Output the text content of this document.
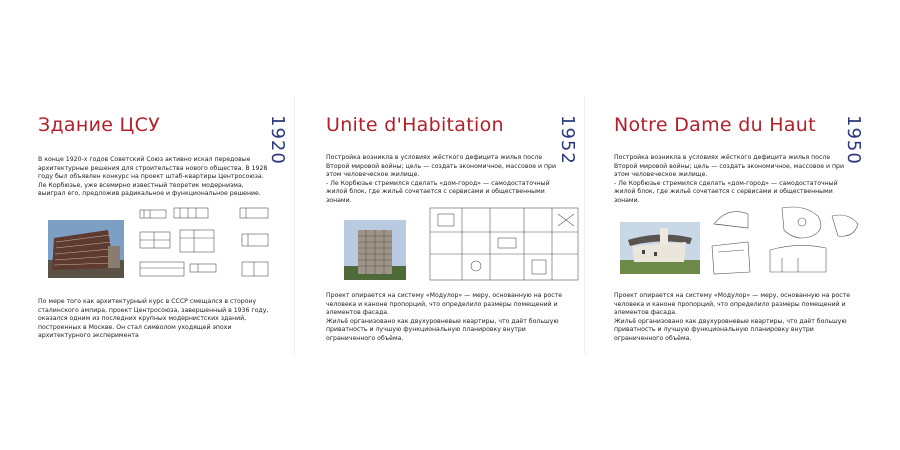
Здание ЦСУ	1920

В конце 1920-х годов Советский Союз активно искал передовые архитектурные решения для строительства нового общества. В 1928 году был объявлен конкурс на проект штаб-квартиры Центросоюза.

Ле Корбюзье, уже всемирно известный теоретик модернизма, выиграл его, предложив радикальное и функциональное решение.

По мере того как архитектурный курс в СССР смещался в сторону сталинского ампира, проект Центросоюза, завершенный в 1936 году, оказался одним из последних крупных модернистских зданий, построенных в Москве. Он стал символом уходящей эпохи архитектурного эксперимента

Unite d'Habitation	1952

Постройка возникла в условиях жёсткого дефицита жилья после Второй мировой войны; цель — создать экономичное, массовое и при этом человеческое жилище.

- Ле Корбюзье стремился сделать «дом-город» — самодостаточный жилой блок, где жильё сочетается с сервисами и общественными зонами.

Проект опирается на систему «Модулор» — меру, основанную на росте человека и каноне пропорций, что определило размеры помещений и элементов фасада.

Жильё организовано как двухуровневые квартиры, что даёт большую приватность и лучшую функциональную планировку внутри ограниченного объёма.

Notre Dame du Haut 1950

Постройка возникла в условиях жёсткого дефицита жилья после Второй мировой войны; цель — создать экономичное, массовое и при этом человеческое жилище.

- Ле Корбюзье стремился сделать «дом-город» — самодостаточный жилой блок, где жильё сочетается с сервисами и общественными зонами.

Проект опирается на систему «Модулор» — меру, основанную на росте человека и каноне пропорций, что определило размеры помещений и элементов фасада.

Жильё организовано как двухуровневые квартиры, что даёт большую приватность и лучшую функциональную планировку внутри ограниченного объёма.
